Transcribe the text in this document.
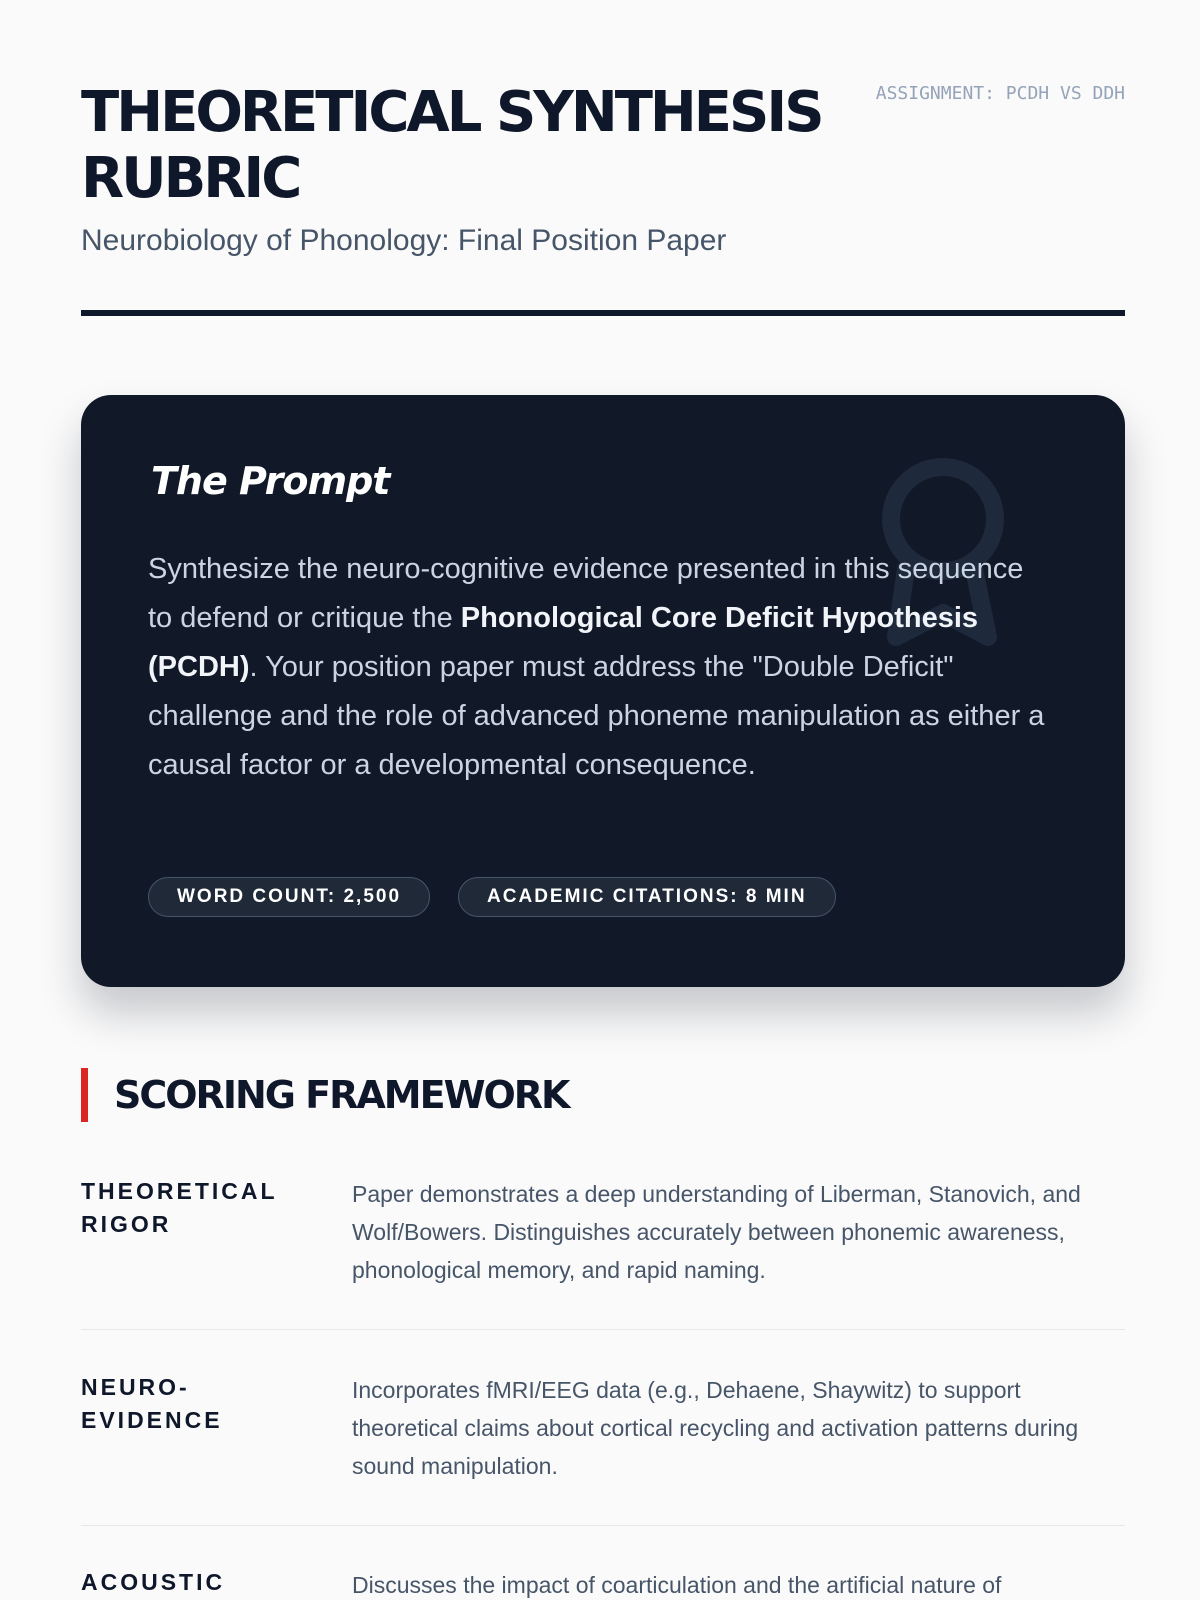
THEORETICAL SYNTHESIS RUBRIC
Neurobiology of Phonology: Final Position Paper
ASSIGNMENT: PCDH VS DDH
The Prompt

Synthesize the neuro-cognitive evidence presented in this sequence to defend or critique the Phonological Core Deficit Hypothesis (PCDH). Your position paper must address the "Double Deficit" challenge and the role of advanced phoneme manipulation as either a causal factor or a developmental consequence.

WORD COUNT: 2,500	ACADEMIC CITATIONS: 8 MIN
SCORING FRAMEWORK
THEORETICAL RIGOR
Paper demonstrates a deep understanding of Liberman, Stanovich, and Wolf/Bowers. Distinguishes accurately between phonemic awareness, phonological memory, and rapid naming.
NEURO-EVIDENCE
Incorporates fMRI/EEG data (e.g., Dehaene, Shaywitz) to support theoretical claims about cortical recycling and activation patterns during sound manipulation.
ACOUSTIC	Discusses the impact of coarticulation and the artificial nature of
